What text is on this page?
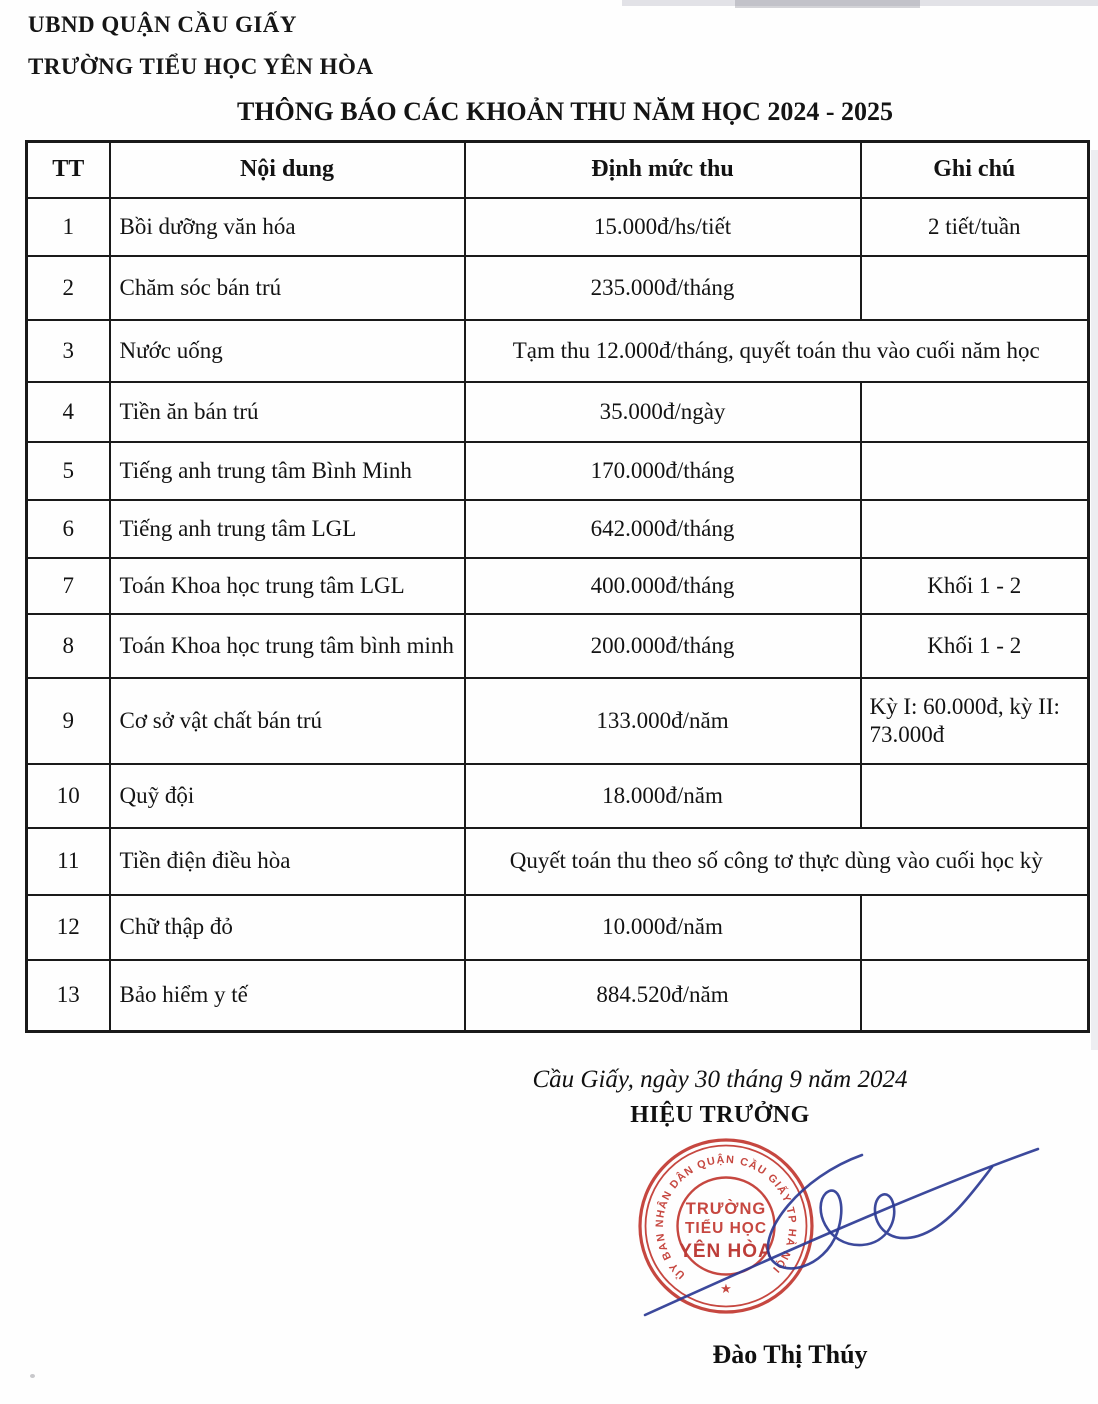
UBND QUẬN CẦU GIẤY
TRƯỜNG TIỂU HỌC YÊN HÒA
THÔNG BÁO CÁC KHOẢN THU NĂM HỌC 2024 - 2025
TT	Nội dung	Định mức thu	Ghi chú
1	Bồi dưỡng văn hóa	15.000đ/hs/tiết	2 tiết/tuần
2	Chăm sóc bán trú	235.000đ/tháng	
3	Nước uống	Tạm thu 12.000đ/tháng, quyết toán thu vào cuối năm học	
4	Tiền ăn bán trú	35.000đ/ngày	
5	Tiếng anh trung tâm Bình Minh	170.000đ/tháng	
6	Tiếng anh trung tâm LGL	642.000đ/tháng	
7	Toán Khoa học trung tâm LGL	400.000đ/tháng	Khối 1 - 2
8	Toán Khoa học trung tâm bình minh	200.000đ/tháng	Khối 1 - 2
9	Cơ sở vật chất bán trú	133.000đ/năm	Kỳ I: 60.000đ, kỳ II: 73.000đ
10	Quỹ đội	18.000đ/năm	
11	Tiền điện điều hòa	Quyết toán thu theo số công tơ thực dùng vào cuối học kỳ	
12	Chữ thập đỏ	10.000đ/năm	
13	Bảo hiểm y tế	884.520đ/năm	
Cầu Giấy, ngày 30 tháng 9 năm 2024
HIỆU TRƯỞNG
ỦY BAN NHÂN DÂN QUẬN CẦU GIẤY TP HÀ NỘI
★
TRƯỜNG
TIỂU HỌC
YÊN HÒA
Đào Thị Thúy
